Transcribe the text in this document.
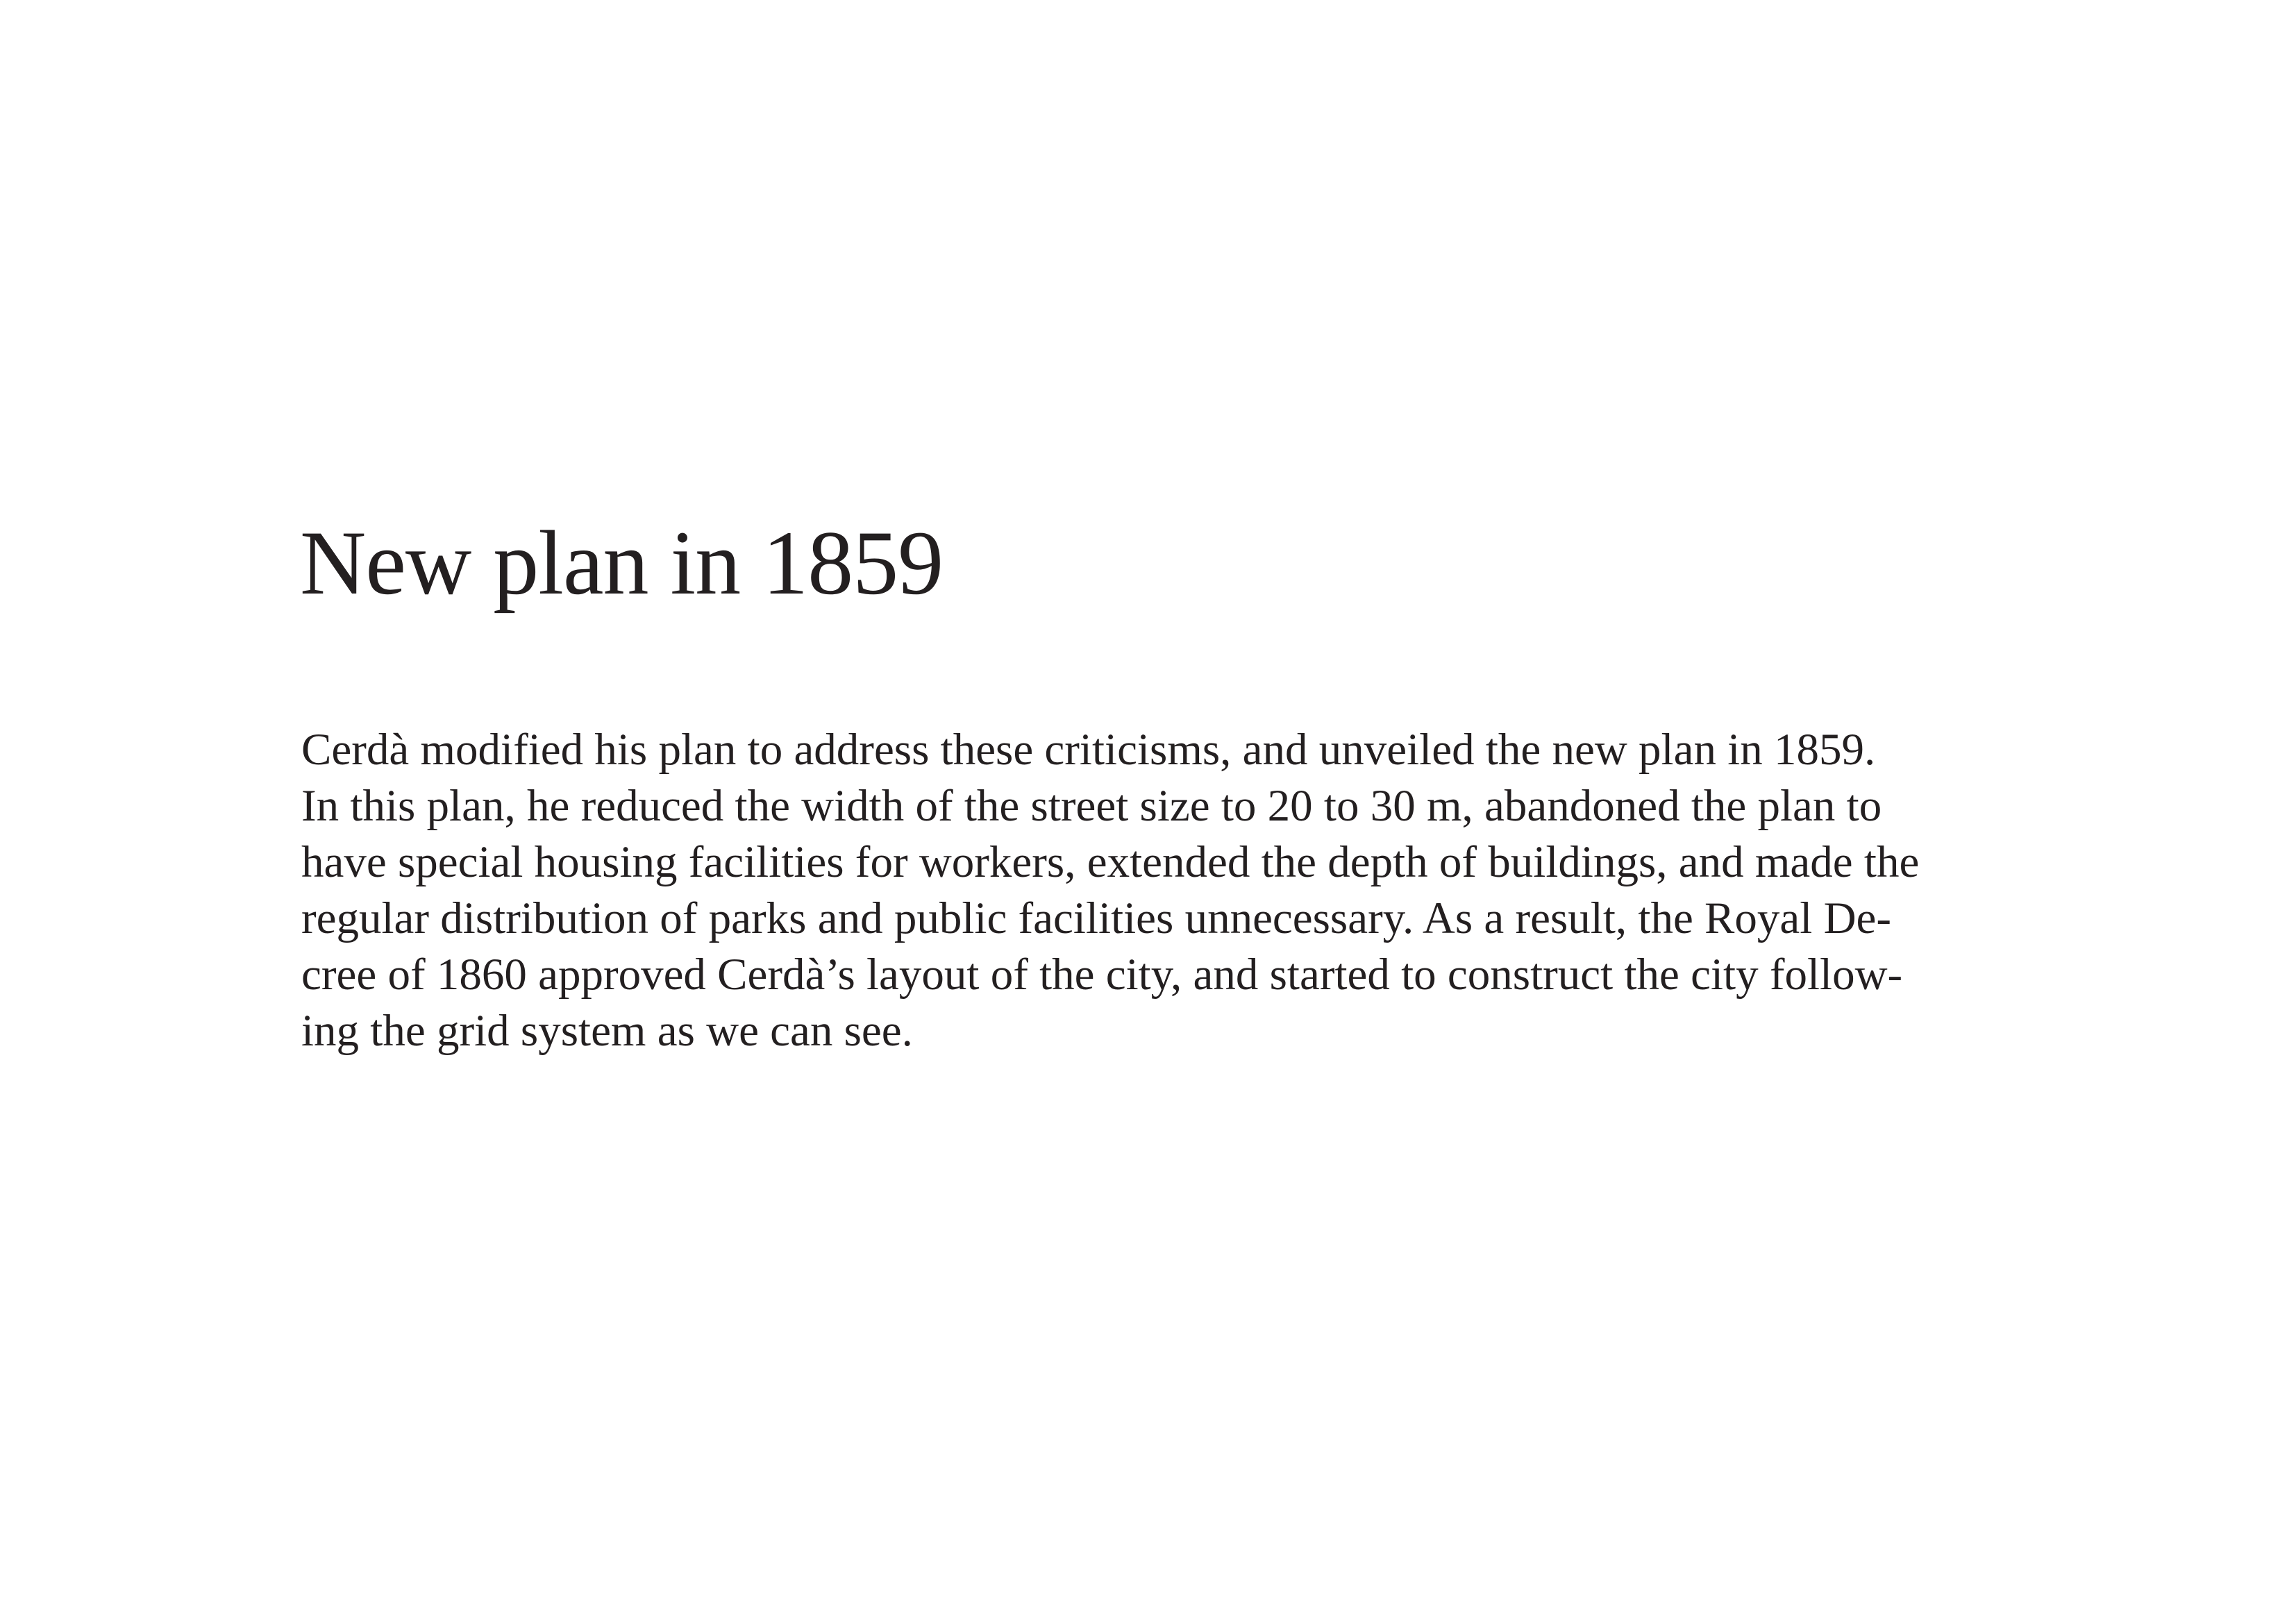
New plan in 1859
Cerdà modified his plan to address these criticisms, and unveiled the new plan in 1859.
In this plan, he reduced the width of the street size to 20 to 30 m, abandoned the plan to
have special housing facilities for workers, extended the depth of buildings, and made the
regular distribution of parks and public facilities unnecessary. As a result, the Royal De-
cree of 1860 approved Cerdà’s layout of the city, and started to construct the city follow-
ing the grid system as we can see.
